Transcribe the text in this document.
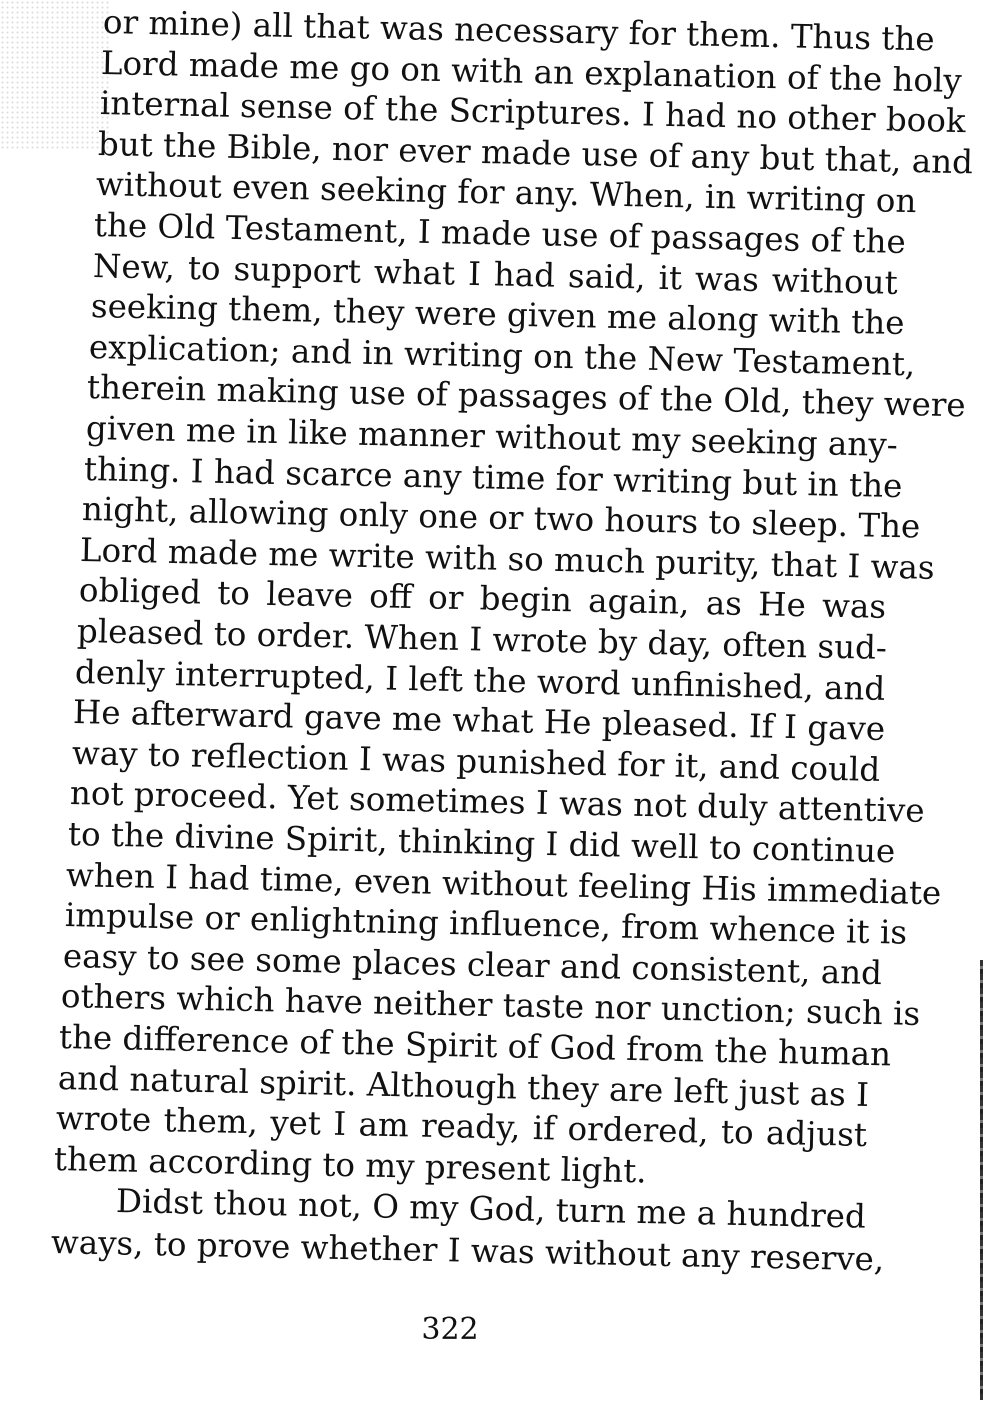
or mine) all that was necessary for them. Thus the
Lord made me go on with an explanation of the holy
internal sense of the Scriptures. I had no other book
but the Bible, nor ever made use of any but that, and
without even seeking for any. When, in writing on
the Old Testament, I made use of passages of the
New, to support what I had said, it was without
seeking them, they were given me along with the
explication; and in writing on the New Testament,
therein making use of passages of the Old, they were
given me in like manner without my seeking any-
thing. I had scarce any time for writing but in the
night, allowing only one or two hours to sleep. The
Lord made me write with so much purity, that I was
obliged to leave off or begin again, as He was
pleased to order. When I wrote by day, often sud-
denly interrupted, I left the word unfinished, and
He afterward gave me what He pleased. If I gave
way to reflection I was punished for it, and could
not proceed. Yet sometimes I was not duly attentive
to the divine Spirit, thinking I did well to continue
when I had time, even without feeling His immediate
impulse or enlightning influence, from whence it is
easy to see some places clear and consistent, and
others which have neither taste nor unction; such is
the difference of the Spirit of God from the human
and natural spirit. Although they are left just as I
wrote them, yet I am ready, if ordered, to adjust
them according to my present light.
Didst thou not, O my God, turn me a hundred
ways, to prove whether I was without any reserve,
322
